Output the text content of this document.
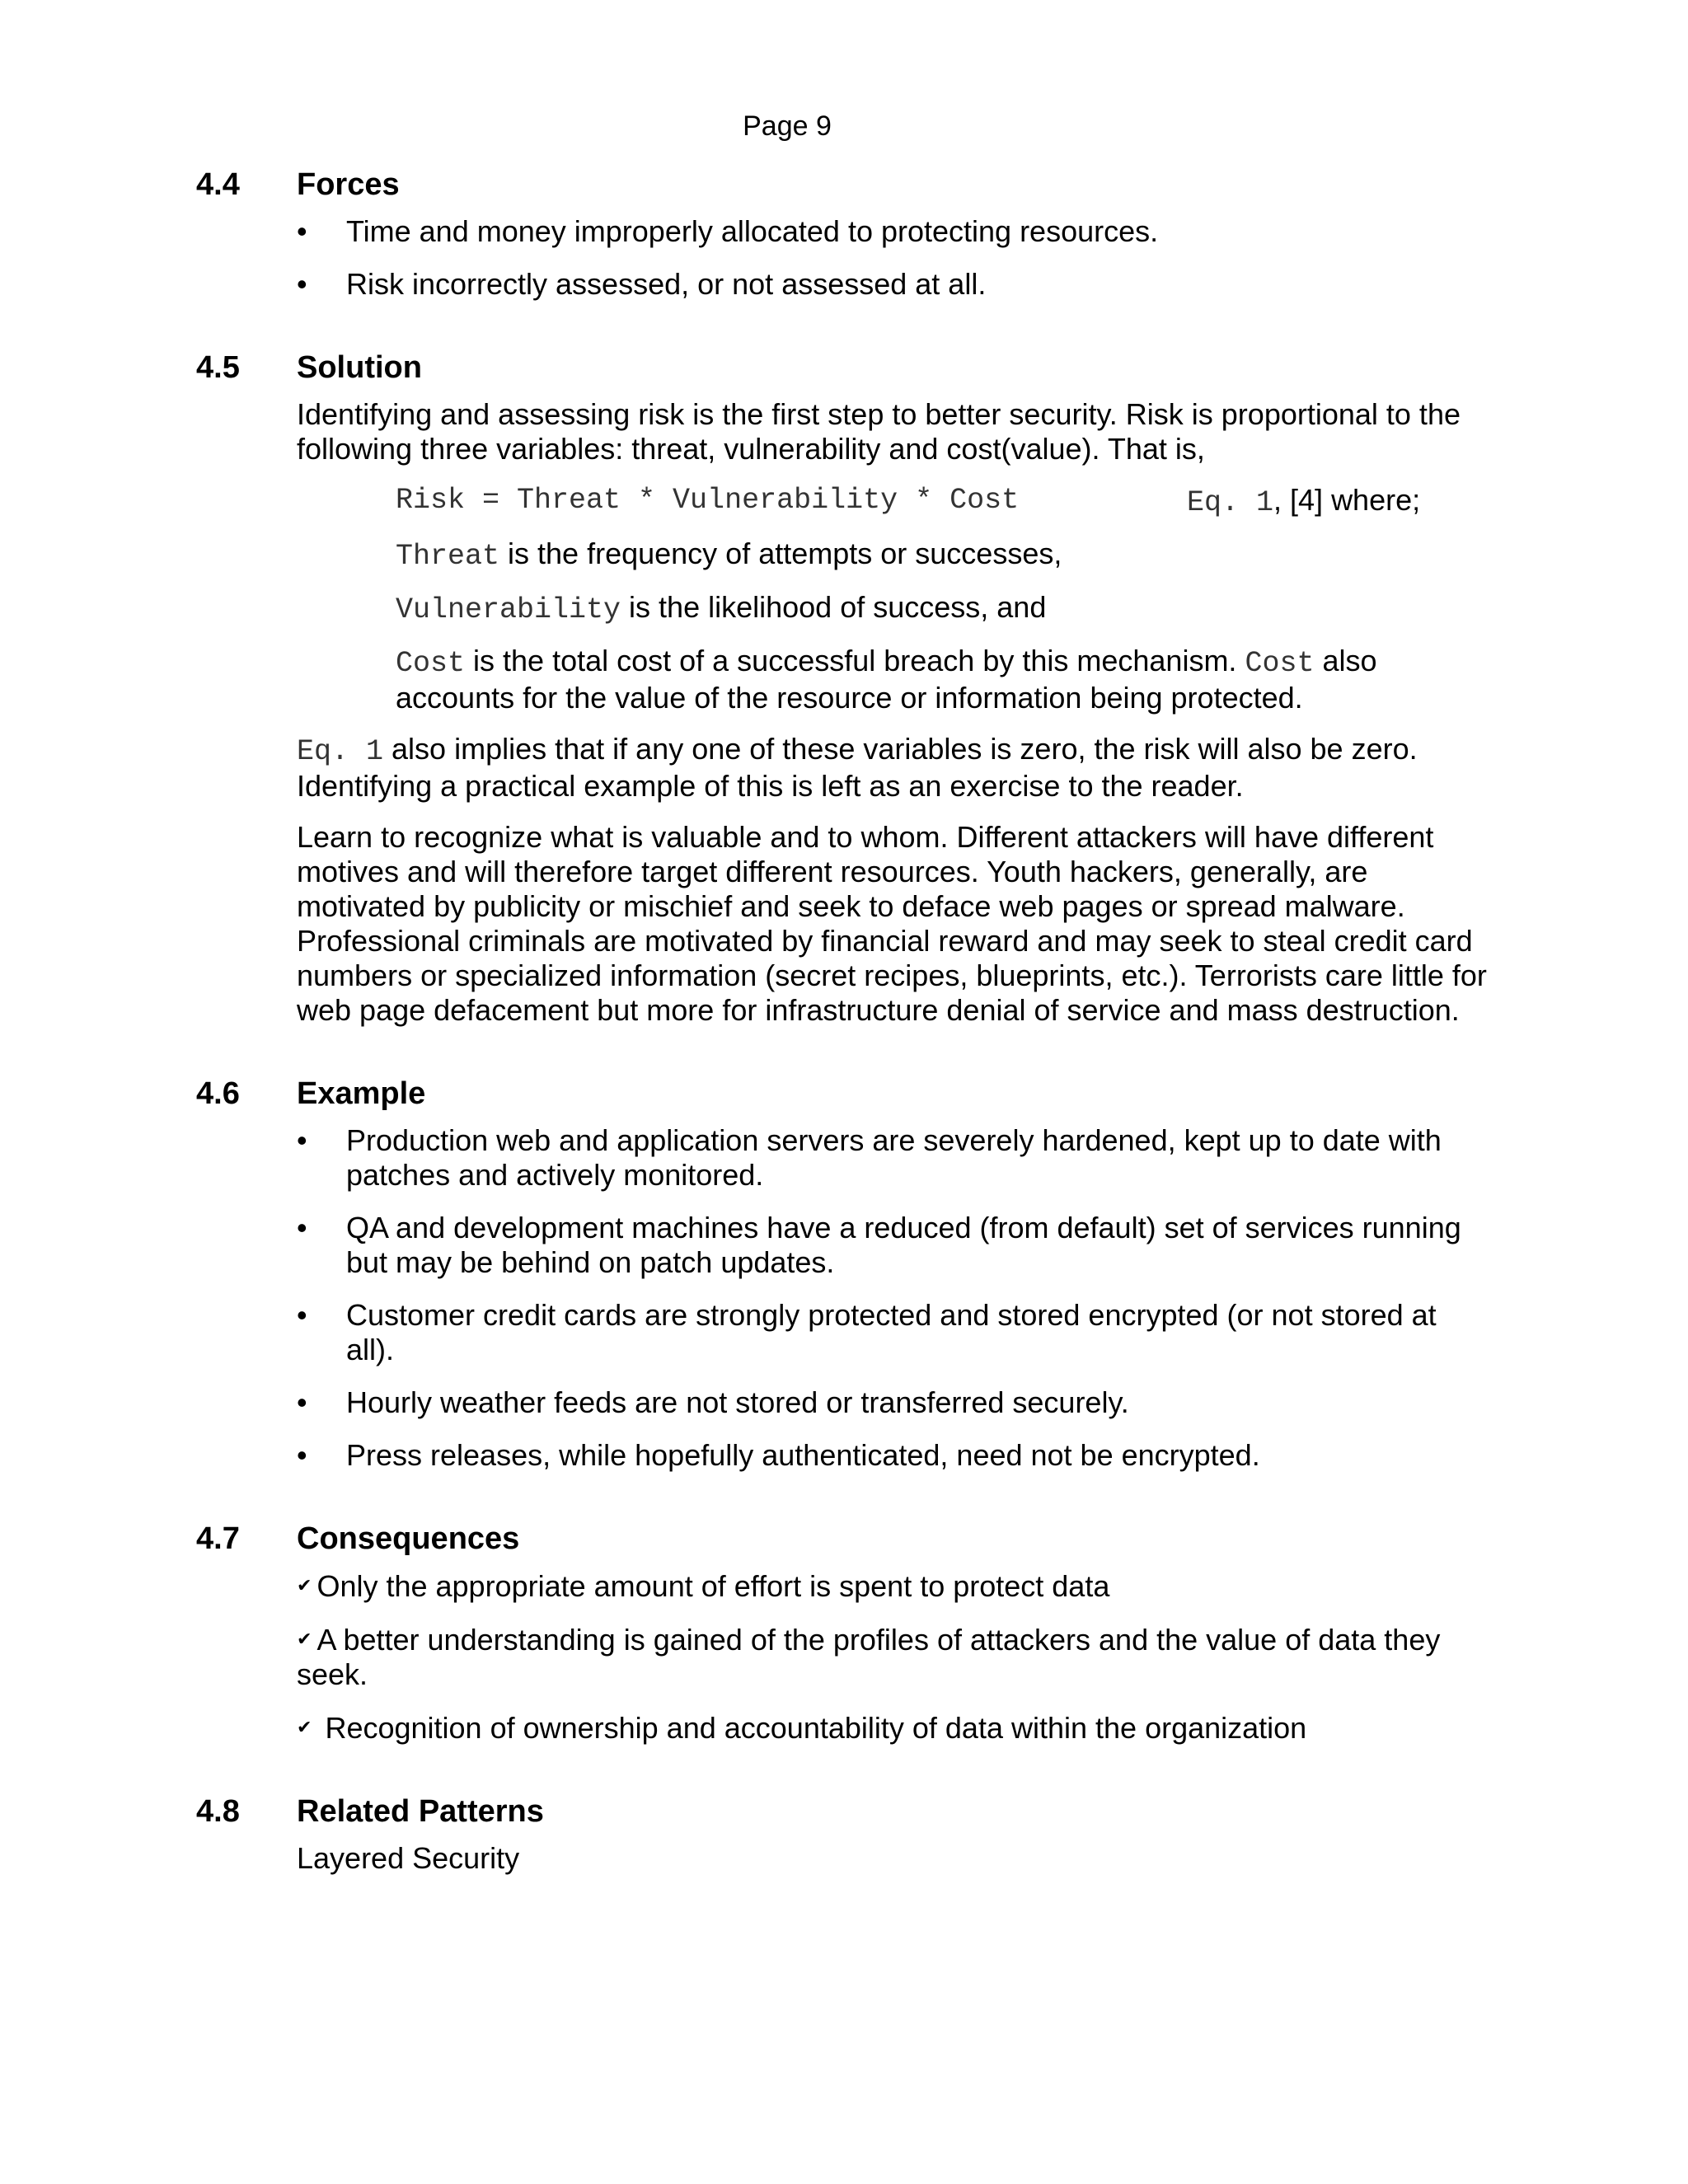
Page 9
4.4	Forces
• Time and money improperly allocated to protecting resources.
• Risk incorrectly assessed, or not assessed at all.
4.5	Solution

Identifying and assessing risk is the first step to better security. Risk is proportional to the following three variables: threat, vulnerability and cost(value). That is,

Risk = Threat * Vulnerability * Cost	Eq. 1, [4] where;
Threat is the frequency of attempts or successes,
Vulnerability is the likelihood of success, and
Cost is the total cost of a successful breach by this mechanism. Cost also accounts for the value of the resource or information being protected.

Eq. 1 also implies that if any one of these variables is zero, the risk will also be zero. Identifying a practical example of this is left as an exercise to the reader.

Learn to recognize what is valuable and to whom. Different attackers will have different motives and will therefore target different resources. Youth hackers, generally, are motivated by publicity or mischief and seek to deface web pages or spread malware. Professional criminals are motivated by financial reward and may seek to steal credit card numbers or specialized information (secret recipes, blueprints, etc.). Terrorists care little for web page defacement but more for infrastructure denial of service and mass destruction.

4.6	Example
• Production web and application servers are severely hardened, kept up to date with patches and actively monitored.
• QA and development machines have a reduced (from default) set of services running but may be behind on patch updates.
• Customer credit cards are strongly protected and stored encrypted (or not stored at all).
• Hourly weather feeds are not stored or transferred securely.
• Press releases, while hopefully authenticated, need not be encrypted.
4.7	Consequences
✔ Only the appropriate amount of effort is spent to protect data
✔ A better understanding is gained of the profiles of attackers and the value of data they seek.
✔ Recognition of ownership and accountability of data within the organization
4.8	Related Patterns

Layered Security
